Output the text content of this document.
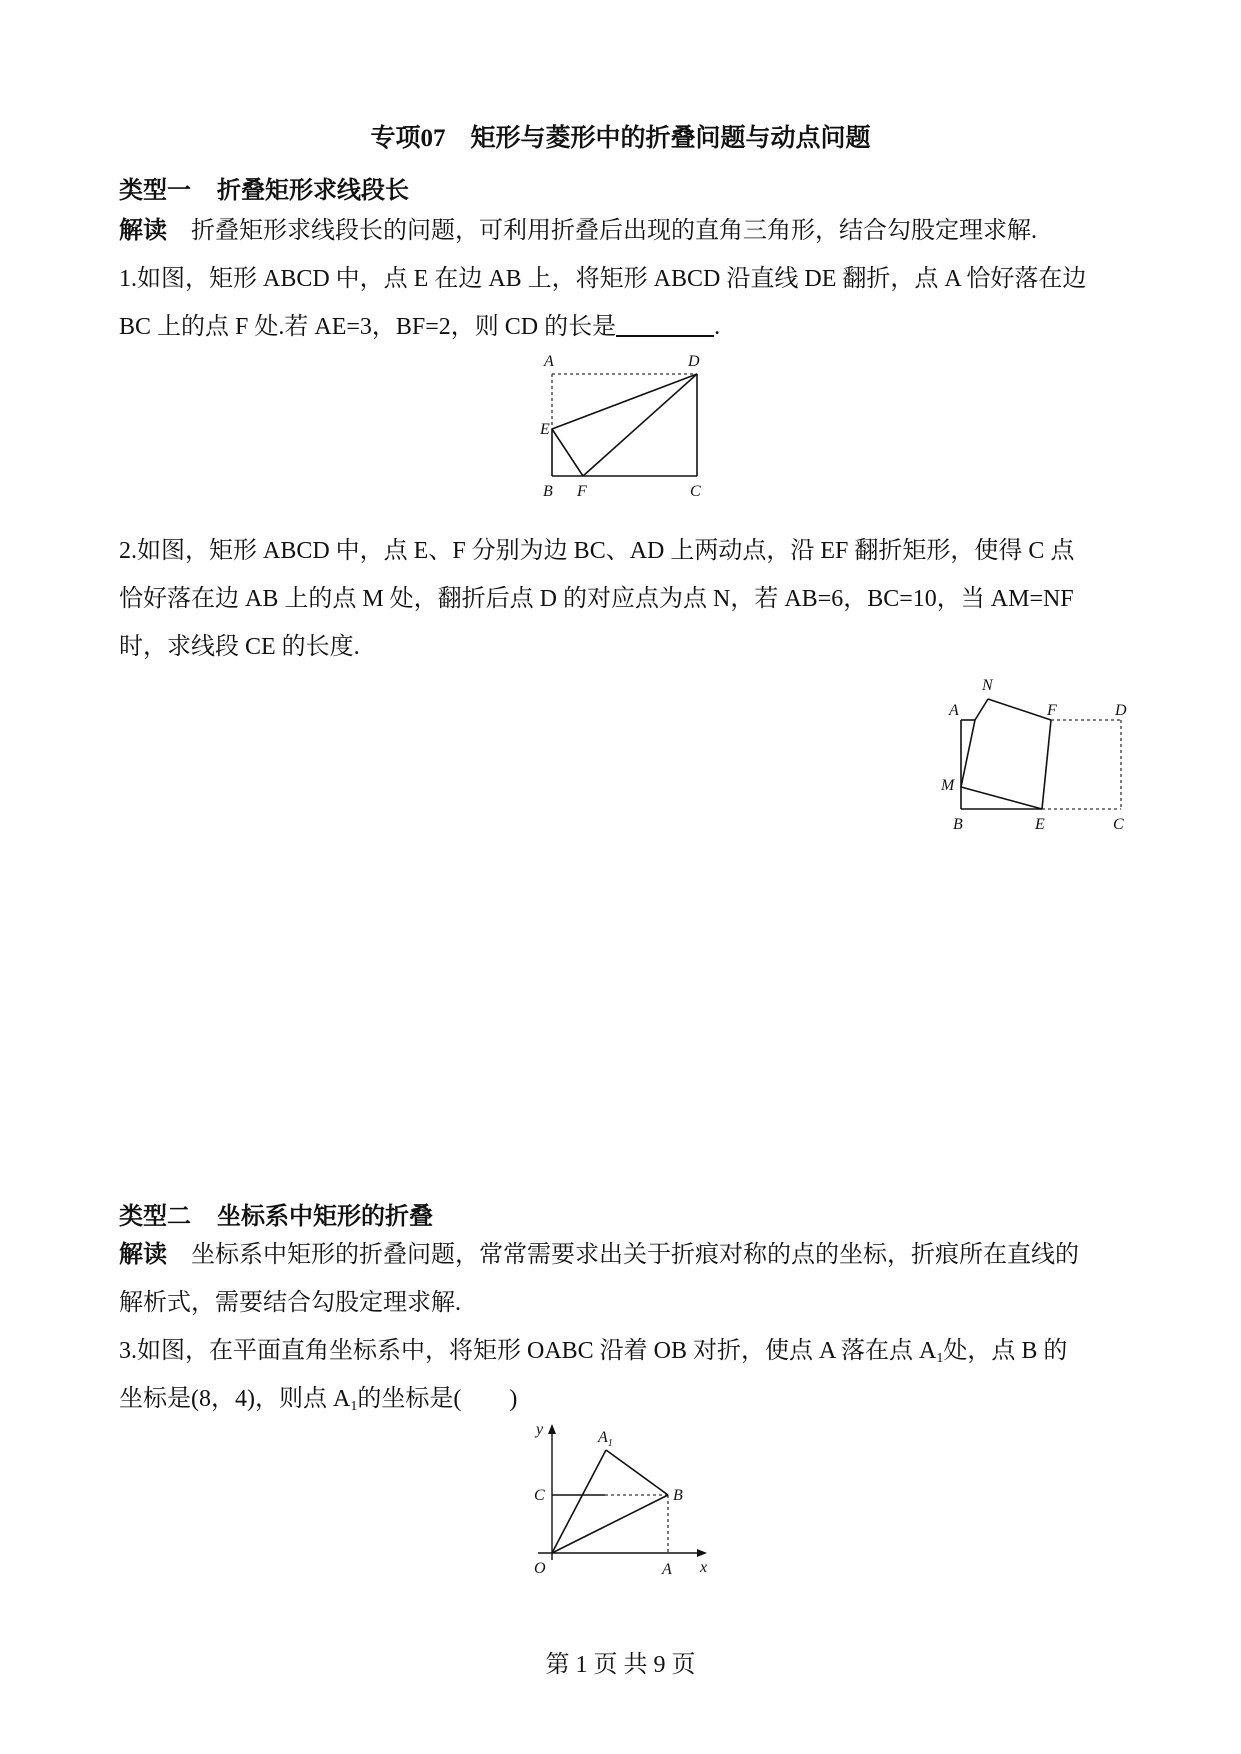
专项07　矩形与菱形中的折叠问题与动点问题
类型一 折叠矩形求线段长
解读 折叠矩形求线段长的问题，可利用折叠后出现的直角三角形，结合勾股定理求解.
1.如图，矩形 ABCD 中，点 E 在边 AB 上，将矩形 ABCD 沿直线 DE 翻折，点 A 恰好落在边
BC 上的点 F 处.若 AE=3，BF=2，则 CD 的长是	.
A	D
E
B F	C
2.如图，矩形 ABCD 中，点 E、F 分别为边 BC、AD 上两动点，沿 EF 翻折矩形，使得 C 点
恰好落在边 AB 上的点 M 处，翻折后点 D 的对应点为点 N，若 AB=6，BC=10，当 AM=NF
时，求线段 CE 的长度.
N
A	F	D
M
B	E	C
类型二 坐标系中矩形的折叠
解读 坐标系中矩形的折叠问题，常常需要求出关于折痕对称的点的坐标，折痕所在直线的
解析式，需要结合勾股定理求解.
3.如图，在平面直角坐标系中，将矩形 OABC 沿着 OB 对折，使点 A 落在点 $A_1$处，点 B 的
坐标是(8，4)，则点 $A_1$的坐标是(　　)
y	$A_1$
C	B
O	A x
第 1 页 共 9 页
